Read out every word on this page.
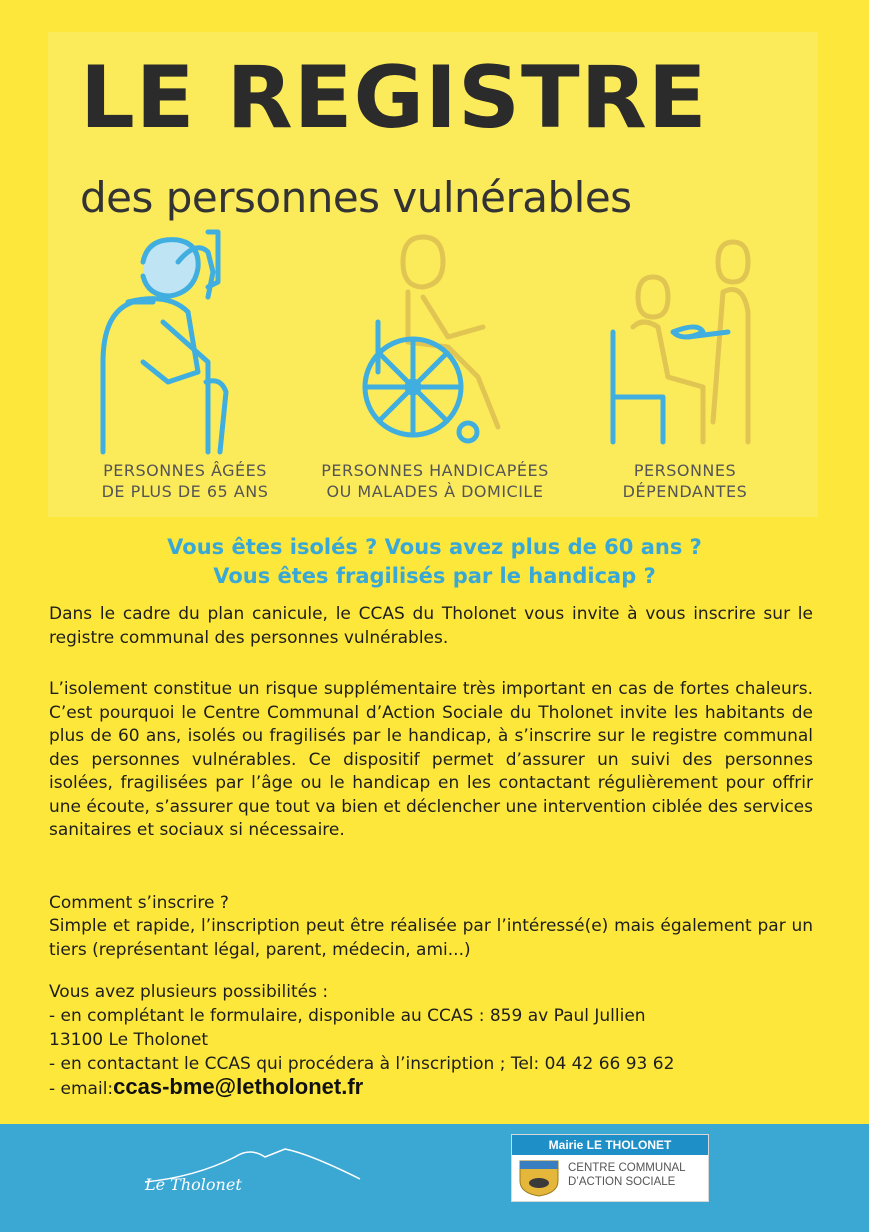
LE REGISTRE
des personnes vulnérables
PERSONNES ÂGÉES
DE PLUS DE 65 ANS
PERSONNES HANDICAPÉES
OU MALADES À DOMICILE
PERSONNES
DÉPENDANTES

Vous êtes isolés ? Vous avez plus de 60 ans ?

Vous êtes fragilisés par le handicap ?

Dans le cadre du plan canicule, le CCAS du Tholonet vous invite à vous inscrire sur le registre communal des personnes vulnérables.

L’isolement constitue un risque supplémentaire très important en cas de fortes chaleurs. C’est pourquoi le Centre Communal d’Action Sociale du Tholonet invite les habitants de plus de 60 ans, isolés ou fragilisés par le handicap, à s’inscrire sur le registre communal des personnes vulnérables. Ce dispositif permet d’assurer un suivi des personnes isolées, fragilisées par l’âge ou le handicap en les contactant régulièrement pour offrir une écoute, s’assurer que tout va bien et déclencher une intervention ciblée des services sanitaires et sociaux si nécessaire.

Comment s’inscrire ?

Simple et rapide, l’inscription peut être réalisée par l’intéressé(e) mais également par un tiers (représentant légal, parent, médecin, ami...)

Vous avez plusieurs possibilités :

- en complétant le formulaire, disponible au CCAS : 859 av Paul Jullien

13100 Le Tholonet

- en contactant le CCAS qui procédera à l’inscription ; Tel: 04 42 66 93 62

- email:ccas-bme@letholonet.fr

Le Tholonet
Mairie LE THOLONET
CENTRE COMMUNAL
D’ACTION SOCIALE
